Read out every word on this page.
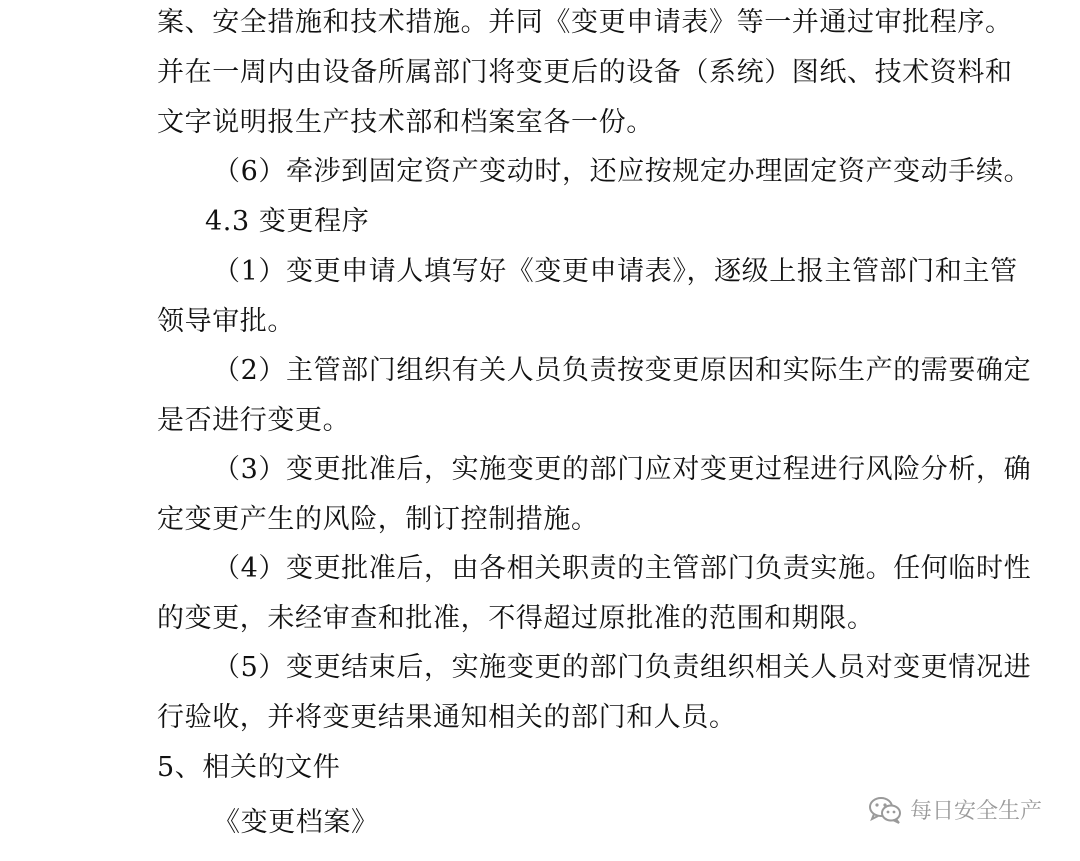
案、安全措施和技术措施。并同《变更申请表》等一并通过审批程序。
并在一周内由设备所属部门将变更后的设备（系统）图纸、技术资料和
文字说明报生产技术部和档案室各一份。
（6）牵涉到固定资产变动时，还应按规定办理固定资产变动手续。
4.3 变更程序
（1）变更申请人填写好《变更申请表》，逐级上报主管部门和主管
领导审批。
（2）主管部门组织有关人员负责按变更原因和实际生产的需要确定
是否进行变更。
（3）变更批准后，实施变更的部门应对变更过程进行风险分析，确
定变更产生的风险，制订控制措施。
（4）变更批准后，由各相关职责的主管部门负责实施。任何临时性
的变更，未经审查和批准，不得超过原批准的范围和期限。
（5）变更结束后，实施变更的部门负责组织相关人员对变更情况进
行验收，并将变更结果通知相关的部门和人员。
5、相关的文件
《变更档案》	每日安全生产
